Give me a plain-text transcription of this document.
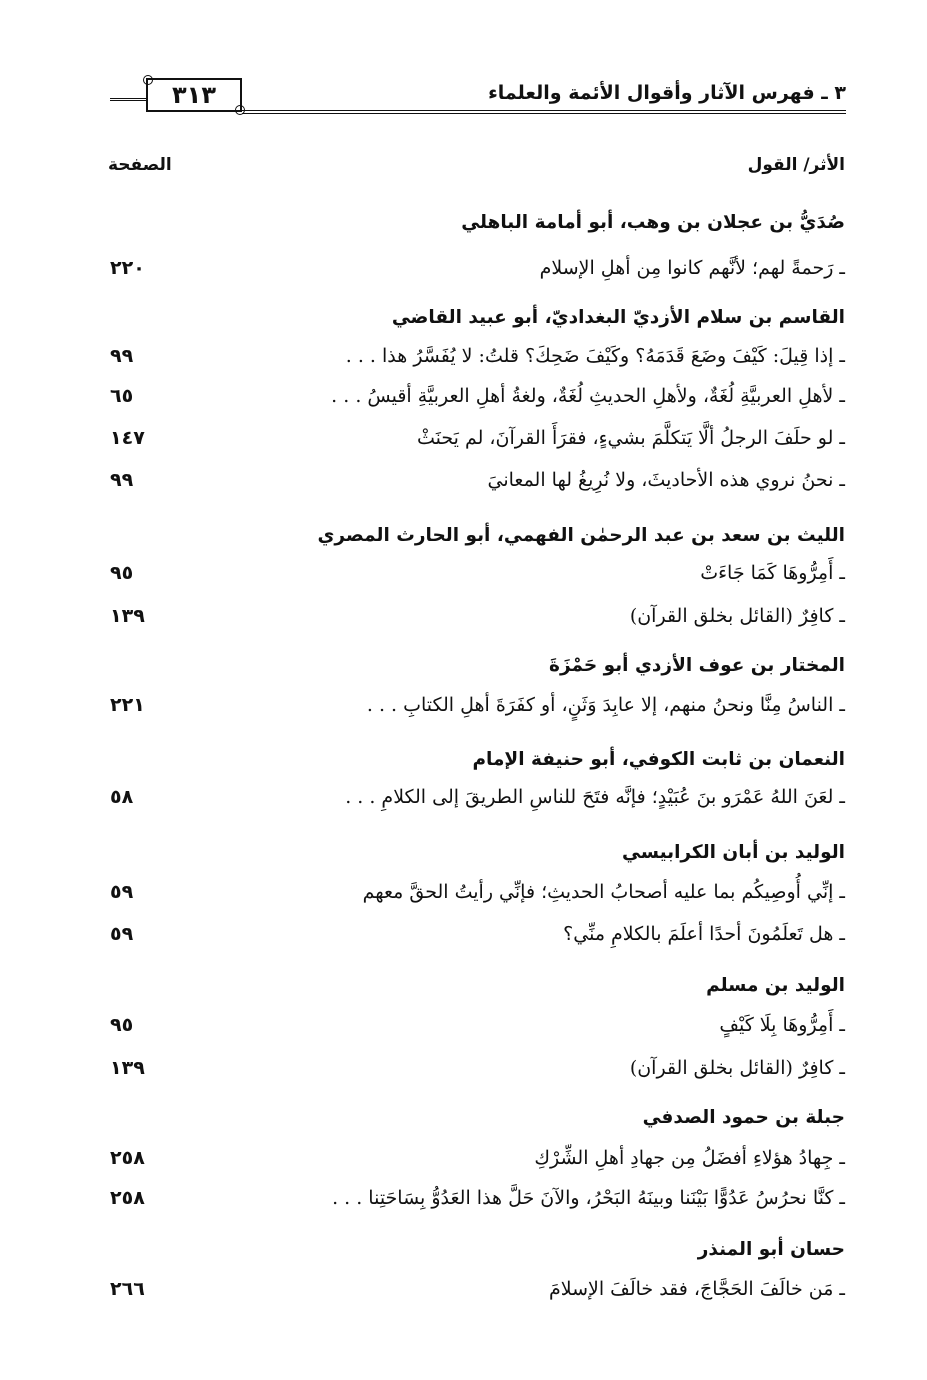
٣١٣	٣ ـ فهرس الآثار وأقوال الأئمة والعلماء
الأثر/ القول
الصفحة
صُدَيُّ بن عجلان بن وهب، أبو أمامة الباهلي
ـ رَحمةً لهم؛ لأنَّهم كانوا مِن أهلِ الإسلام
٢٢٠
القاسم بن سلام الأزديّ البغداديّ، أبو عبيد القاضي
ـ إذا قِيلَ: كَيْفَ وضَعَ قَدَمَهُ؟ وكَيْفَ ضَحِكَ؟ قلتُ: لا يُفَسَّرُ هذا . . .
٩٩
ـ لأهلِ العربيَّةِ لُغَةٌ، ولأهلِ الحديثِ لُغَةٌ، ولغةُ أهلِ العربيَّةِ أقيسُ . . .
٦٥
ـ لو حلَفَ الرجلُ ألَّا يَتكلَّمَ بشيءٍ، فقرَأَ القرآنَ، لم يَحنَثْ
١٤٧
ـ نحنُ نروي هذه الأحاديثَ، ولا نُرِيغُ لها المعانيَ
٩٩
الليث بن سعد بن عبد الرحمٰن الفهمي، أبو الحارث المصري
ـ أَمِرُّوهَا كَمَا جَاءَتْ
٩٥
ـ كافِرٌ (القائل بخلق القرآن)
١٣٩
المختار بن عوف الأزدي أبو حَمْزَةَ
ـ الناسُ مِنَّا ونحنُ منهم، إلا عابِدَ وَثَنٍ، أو كفَرَةَ أهلِ الكتابِ . . .
٢٢١
النعمان بن ثابت الكوفي، أبو حنيفة الإمام
ـ لعَنَ اللهُ عَمْرَو بنَ عُبَيْدٍ؛ فإنَّه فتَحَ للناسِ الطريقَ إلى الكلامِ . . .
٥٨
الوليد بن أبان الكرابيسي
ـ إنِّي أُوصِيكُم بما عليه أصحابُ الحديثِ؛ فإنِّي رأيتُ الحقَّ معهم
٥٩
ـ هل تَعلَمُونَ أحدًا أعلَمَ بالكلامِ منِّي؟
٥٩
الوليد بن مسلم
ـ أَمِرُّوهَا بِلَا كَيْفٍ
٩٥
ـ كافِرٌ (القائل بخلق القرآن)
١٣٩
جبلة بن حمود الصدفي
ـ جِهادُ هؤلاءِ أفضَلُ مِن جهادِ أهلِ الشِّرْكِ
٢٥٨
ـ كنَّا نحرُسُ عَدُوًّا بَيْنَنا وبينَهُ البَحْرُ، والآنَ حَلَّ هذا العَدُوُّ بِسَاحَتِنا . . .
٢٥٨
حسان أبو المنذر
ـ مَن خالَفَ الحَجَّاجَ، فقد خالَفَ الإسلامَ
٢٦٦
